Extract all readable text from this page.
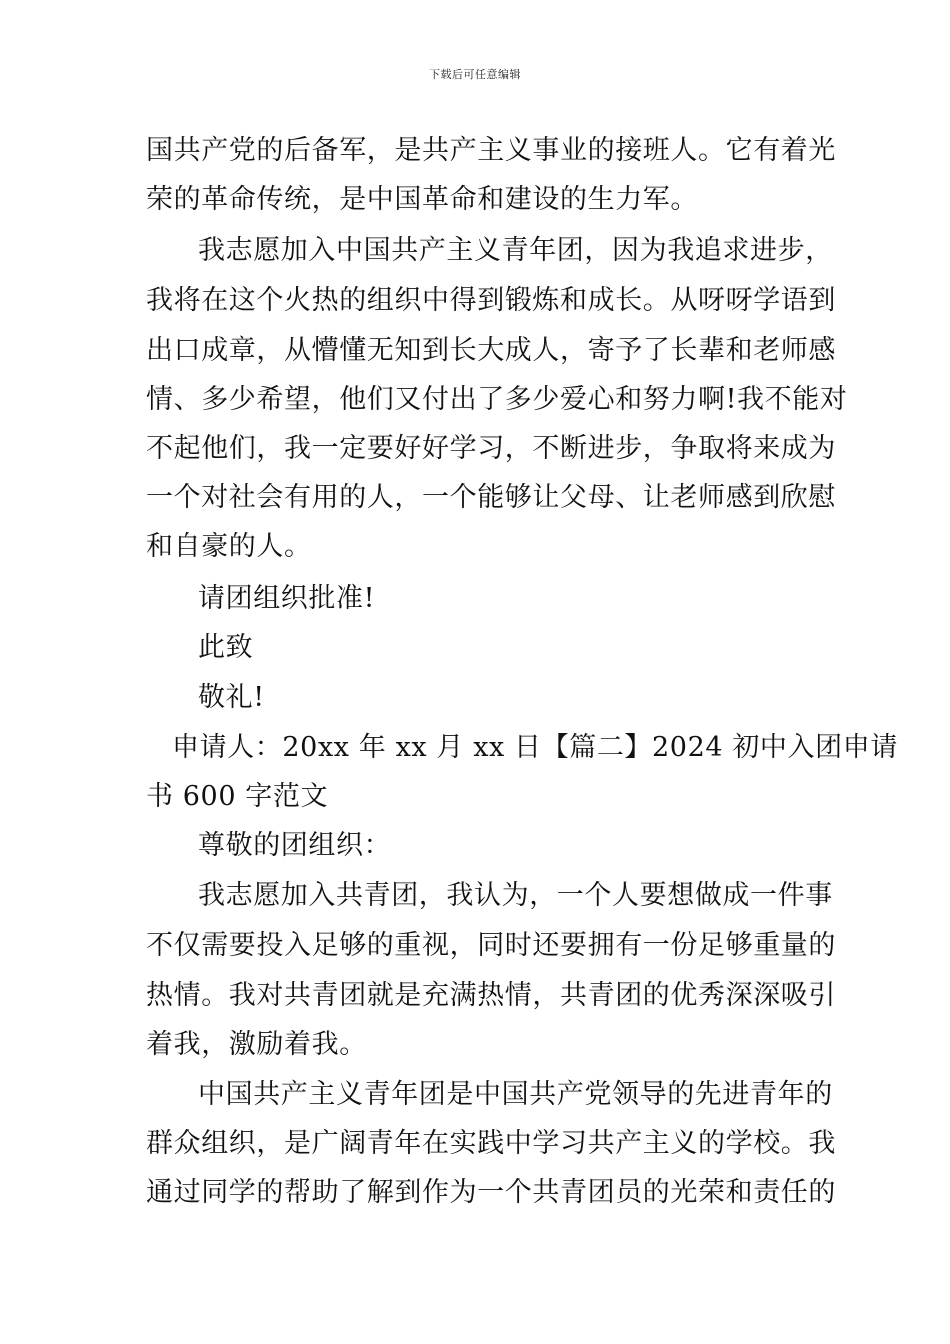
下载后可任意编辑
国共产党的后备军，是共产主义事业的接班人。它有着光
荣的革命传统，是中国革命和建设的生力军。
我志愿加入中国共产主义青年团，因为我追求进步，
我将在这个火热的组织中得到锻炼和成长。从呀呀学语到
出口成章，从懵懂无知到长大成人，寄予了长辈和老师感
情、多少希望，他们又付出了多少爱心和努力啊!我不能对
不起他们，我一定要好好学习，不断进步，争取将来成为
一个对社会有用的人，一个能够让父母、让老师感到欣慰
和自豪的人。
请团组织批准!
此致
敬礼!
申请人：20xx 年 xx 月 xx 日【篇二】2024 初中入团申请
书 600 字范文
尊敬的团组织：
我志愿加入共青团，我认为，一个人要想做成一件事
不仅需要投入足够的重视，同时还要拥有一份足够重量的
热情。我对共青团就是充满热情，共青团的优秀深深吸引
着我，激励着我。
中国共产主义青年团是中国共产党领导的先进青年的
群众组织，是广阔青年在实践中学习共产主义的学校。我
通过同学的帮助了解到作为一个共青团员的光荣和责任的
